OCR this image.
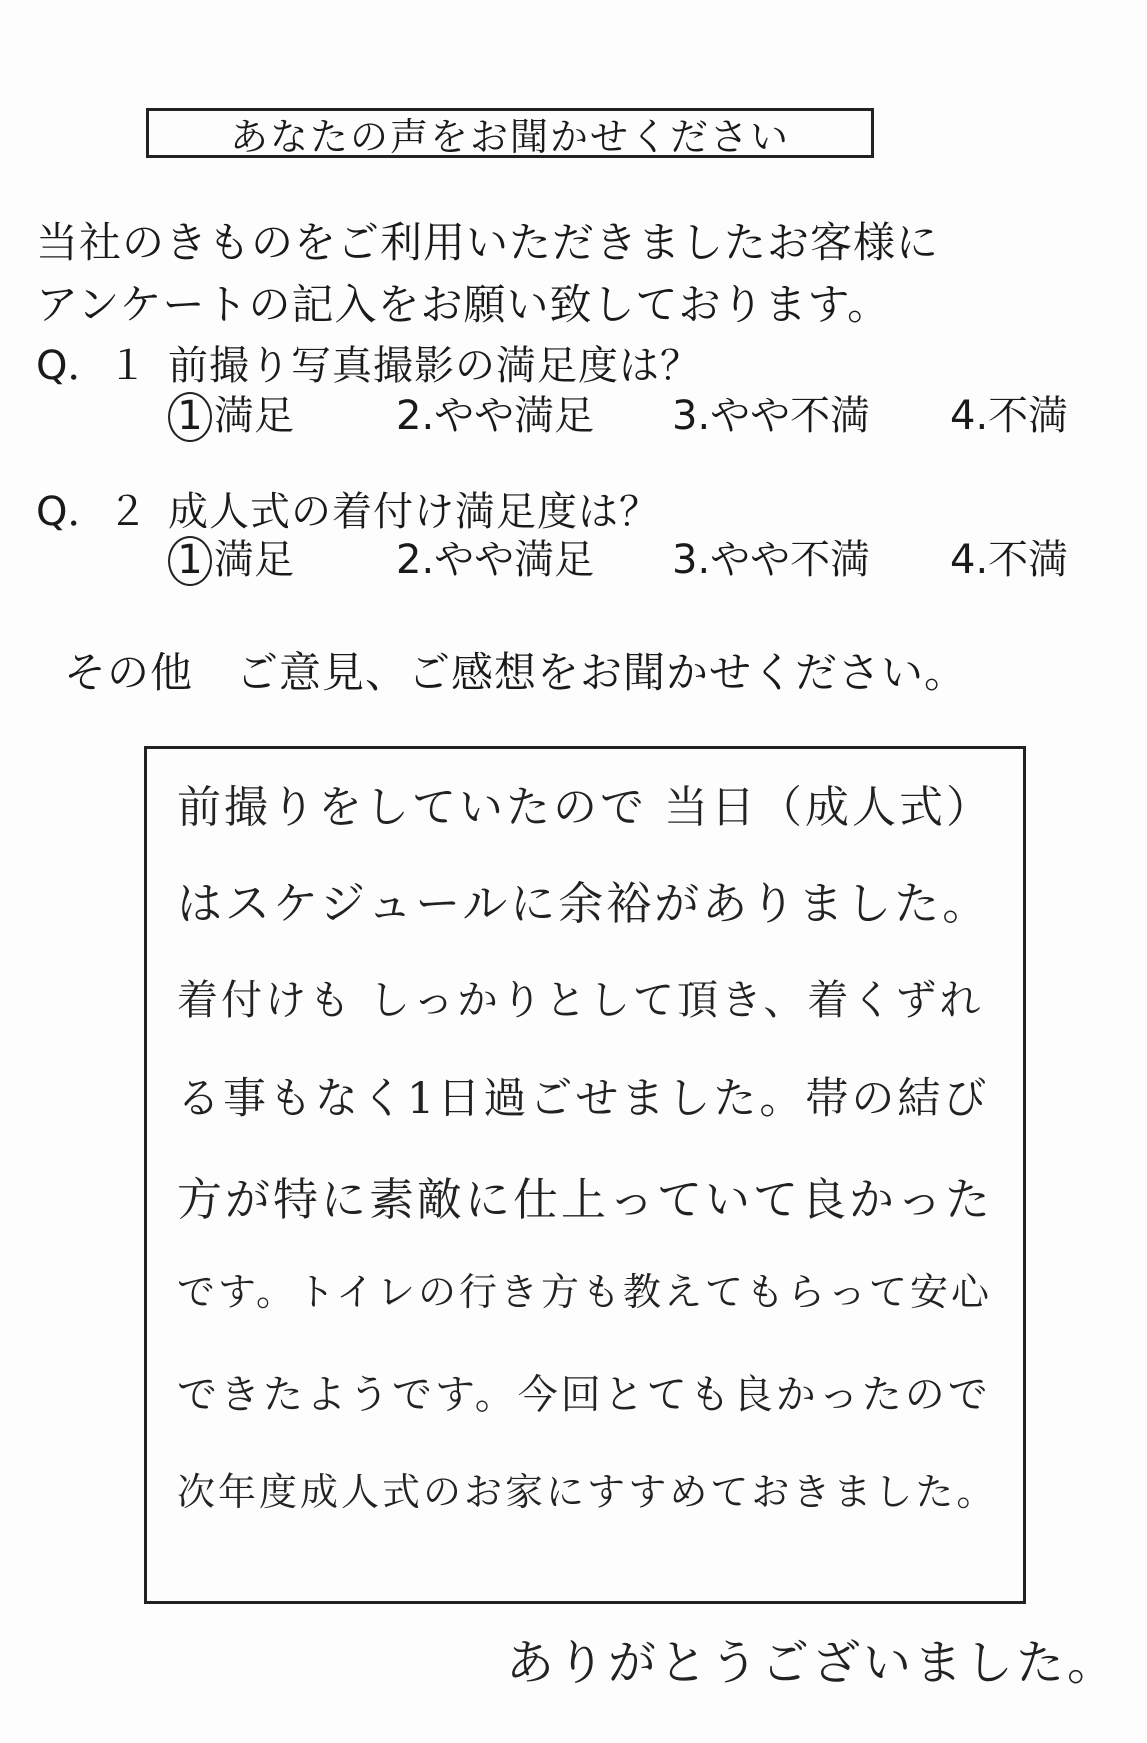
あなたの声をお聞かせください
当社のきものをご利用いただきましたお客様に
アンケートの記入をお願い致しております。
Q．１ 前撮り写真撮影の満足度は？
1 満足	2.やや満足 3.やや不満 4.不満
Q．２ 成人式の着付け満足度は？
1 満足	2.やや満足 3.やや不満 4.不満
その他　ご意見、ご感想をお聞かせください。
前撮りをしていたので 当日（成人式）
はスケジュールに余裕がありました。
着付けも しっかりとして頂き、着くずれ
る事もなく1日過ごせました。帯の結び
方が特に素敵に仕上っていて良かった
です。トイレの行き方も教えてもらって安心
できたようです。今回とても良かったので
次年度成人式のお家にすすめておきました。
ありがとうございました。
